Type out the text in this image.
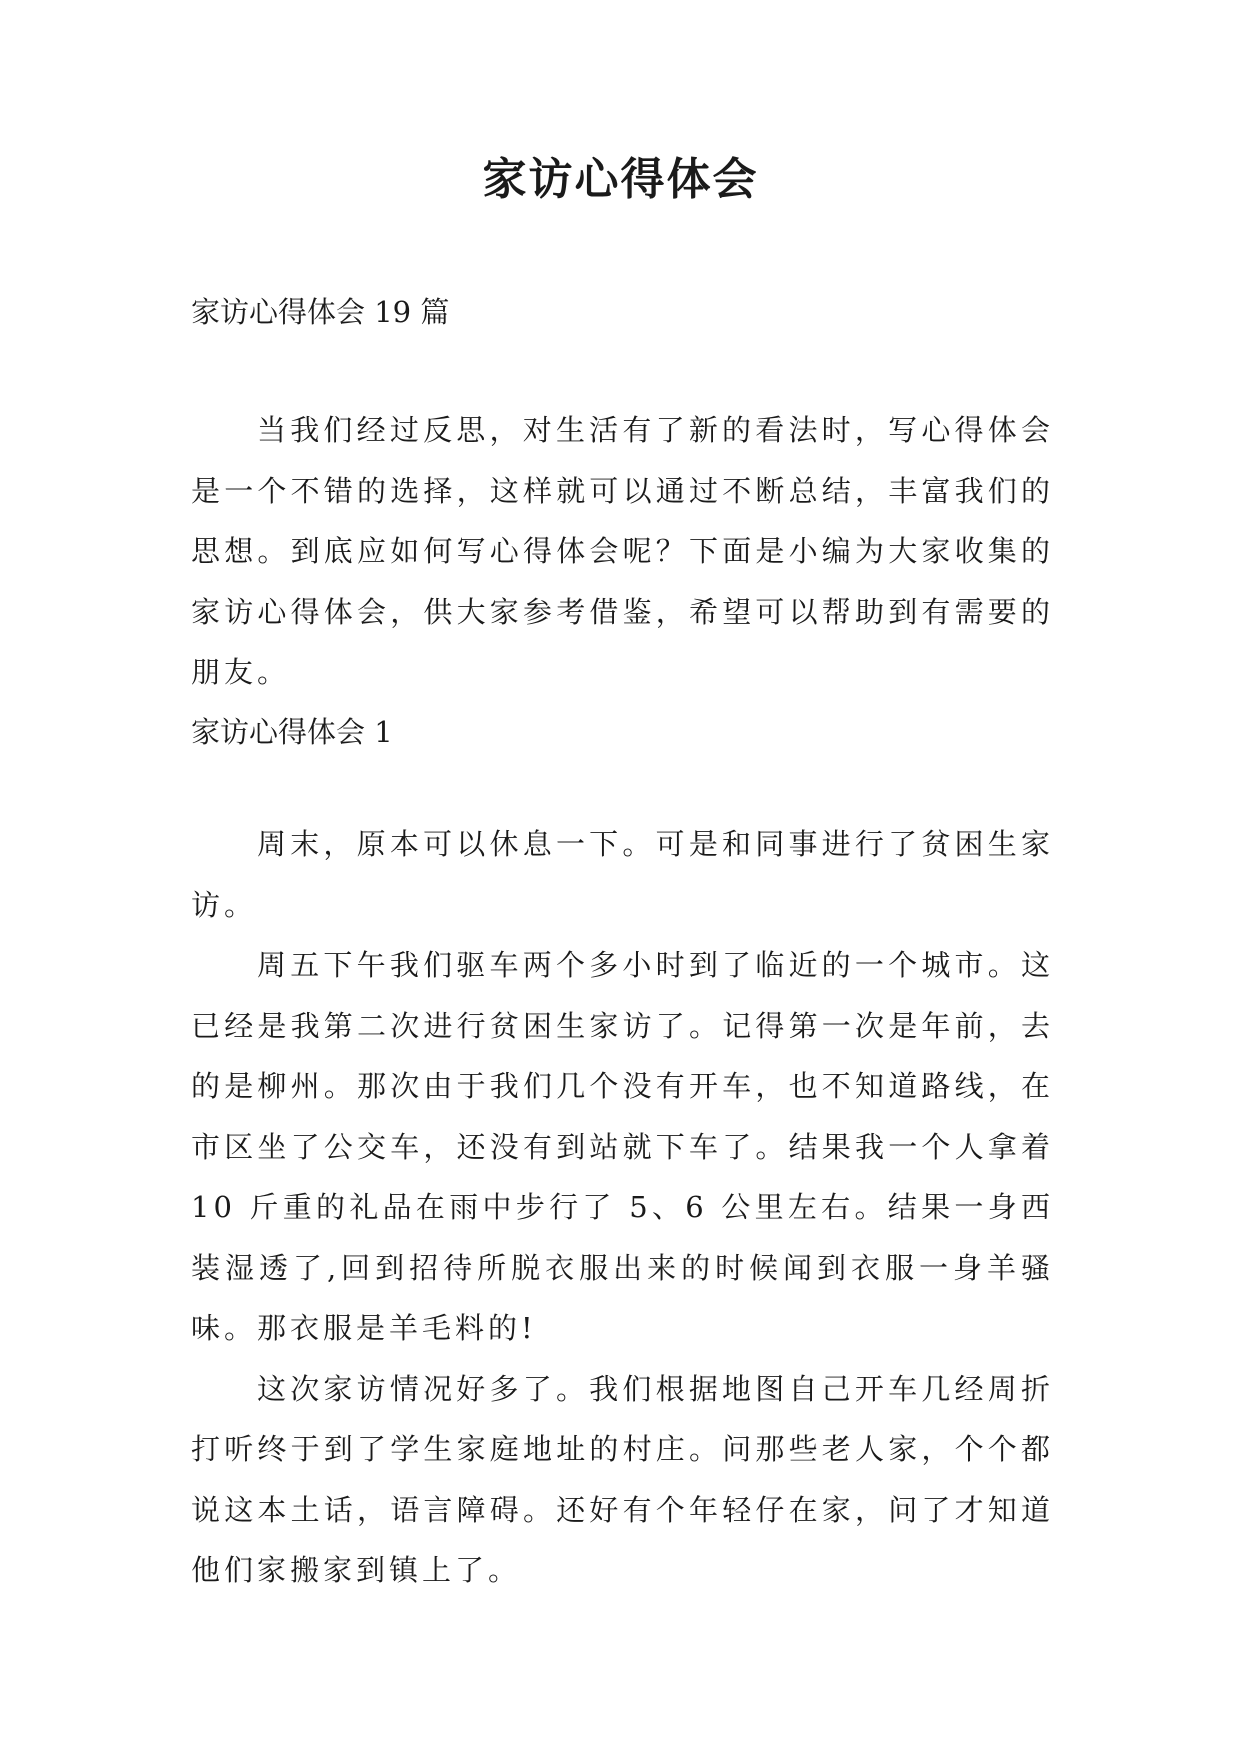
家访心得体会
家访心得体会 19 篇

当我们经过反思，对生活有了新的看法时，写心得体会是一个不错的选择，这样就可以通过不断总结，丰富我们的思想。到底应如何写心得体会呢？下面是小编为大家收集的家访心得体会，供大家参考借鉴，希望可以帮助到有需要的朋友。

家访心得体会 1

周末，原本可以休息一下。可是和同事进行了贫困生家访。

周五下午我们驱车两个多小时到了临近的一个城市。这已经是我第二次进行贫困生家访了。记得第一次是年前，去的是柳州。那次由于我们几个没有开车，也不知道路线，在市区坐了公交车，还没有到站就下车了。结果我一个人拿着 10 斤重的礼品在雨中步行了 5、6 公里左右。结果一身西装湿透了,回到招待所脱衣服出来的时候闻到衣服一身羊骚味。那衣服是羊毛料的!

这次家访情况好多了。我们根据地图自己开车几经周折打听终于到了学生家庭地址的村庄。问那些老人家，个个都说这本土话，语言障碍。还好有个年轻仔在家，问了才知道他们家搬家到镇上了。
